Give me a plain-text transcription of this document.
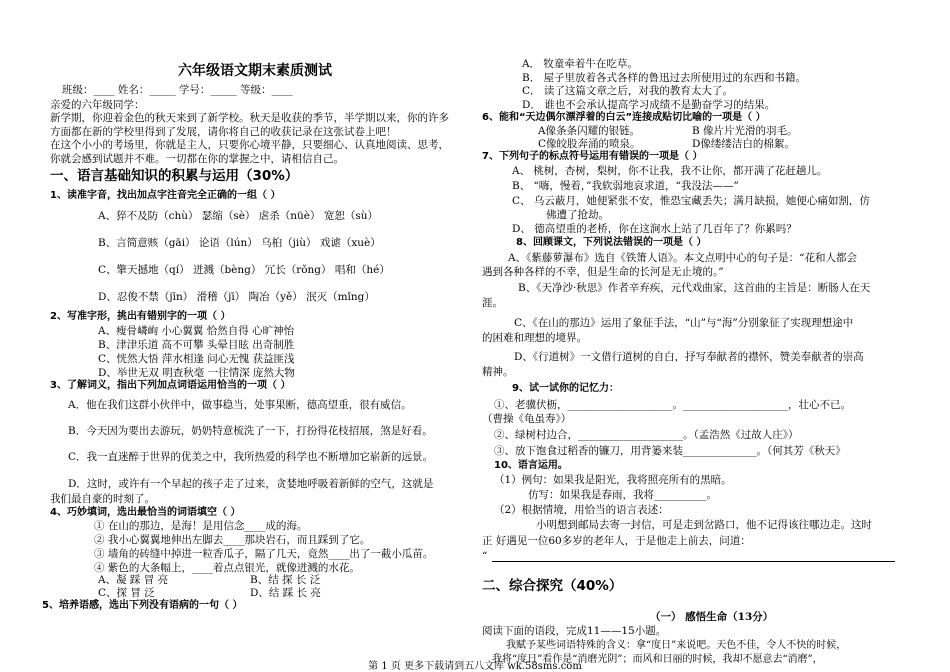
六年级语文期末素质测试
班级：____ 姓名：_____ 学号：_____ 等级：____
亲爱的六年级同学：
新学期，你迎着金色的秋天来到了新学校。秋天是收获的季节，半学期以来，你的许多方面都在新的学校里得到了发展，请你将自己的收获记录在这张试卷上吧！
在这个小小的考场里，你就是主人，只要你心境平静，只要细心、认真地阅读、思考，你就会感到试题并不难。一切都在你的掌握之中，请相信自己。
一、语言基础知识的积累与运用（30%）
1、读准字音，找出加点字注音完全正确的一组（ ）
A、猝不及防（chù） 瑟缩（sè） 虐杀（nüè） 宽恕（sù）
B、言简意赅（gāi） 论语（lún） 乌桕（jiù） 戏谑（xuè）
C、擎天撼地（qí） 迸溅（bèng） 冗长（rǒng） 唱和（hé）
D、忍俊不禁（jīn） 滑稽（jī） 陶冶（yě） 泯灭（mǐng）
2、写准字形，挑出有错别字的一项（ ）
A、瘦骨嶙峋 小心翼翼 恰然自得 心旷神怡
B、津津乐道 高不可攀 头晕目眩 出奇制胜
C、恍然大悟 萍水相逢 问心无愧 获益匪浅
D、举世无双 明查秋毫 一往情深 庞然大物
3、了解词义，指出下列加点词语运用恰当的一项（ ）
A．他在我们这群小伙伴中，做事稳当，处事果断，德高望重，很有威信。
B．今天因为要出去游玩，奶奶特意梳洗了一下，打扮得花枝招展，煞是好看。
C．我一直迷醉于世界的优美之中，我所热爱的科学也不断增加它崭新的远景。
D．这时，或许有一个早起的孩子走了过来，贪婪地呼吸着新鲜的空气，这就是
我们最自豪的时刻了。
4、巧妙填词，选出最恰当的词语填空（ ）
① 在山的那边，是海！是用信念____成的海。
② 我小心翼翼地伸出左脚去____那块岩石，而且踩到了它。
③ 墙角的砖缝中掉进一粒香瓜子，隔了几天，竟然____出了一截小瓜苗。
④ 紫色的大条幅上，____着点点银光，就像迸溅的水花。
A、凝 踩 冒 亮	B、结 探 长 泛
C、探 冒 泛	D、结 踩 长 亮
5、培养语感，选出下列没有语病的一句（ ）
A． 牧童牵着牛在吃草。
B． 屋子里放着各式各样的鲁迅过去所使用过的东西和书籍。
C． 读了这篇文章之后，对我的教育太大了。
D． 谁也不会承认提高学习成绩不是勤奋学习的结果。
6、能和“天边偶尔漂浮着的白云”连接成贴切比喻的一项是（ ）
A像条条闪耀的银链。	B 像片片光滑的羽毛。
C像皎股奔涌的喷泉。	D像缕缕洁白的棉絮。
7、下列句子的标点符号运用有错误的一项是（ ）
A、 桃树，杏树，梨树，你不让我，我不让你，都开满了花赶趟儿。
B、 “嗨，慢着，”我软弱地哀求道，“我没法——”
C、 乌云蔽月，她便紧张不安，惟恐宝藏丢失；满月缺损，她便心痛如割，仿
佛遭了抢劫。
D、 德高望重的老桥，你在这涧水上站了几百年了？你累吗？
8、回顾课文，下列说法错误的一项是（ ）
A、《紫藤萝瀑布》选自《铁箫人语》。本文点明中心的句子是：“花和人都会
遇到各种各样的不幸，但是生命的长河是无止境的。”
B、《天净沙·秋思》作者辛弃疾，元代戏曲家，这首曲的主旨是：断肠人在天
涯。
C、《在山的那边》运用了象征手法，“山”与“海”分别象征了实现理想途中
的困难和理想的境界。
D、《行道树》一文借行道树的自白，抒写奉献者的襟怀，赞美奉献者的崇高
精神。
9、试一试你的记忆力：
①、老骥伏枥，____________________。____________________，壮心不已。
（曹操《龟虽寿》）
②、绿树村边合，____________________。（孟浩然《过故人庄》）
③、放下饱食过稻香的镰刀，用背篓来装______________。（何其芳《秋天》
10、语言运用。
（1）例句：如果我是阳光，我将照亮所有的黑暗。
仿写：如果我是春雨，我将__________。
（2）根据情境，用恰当的语言表述：
小明想到邮局去寄一封信，可是走到岔路口，他不记得该往哪边走。这时
正 好遇见一位60多岁的老年人，于是他走上前去，问道：
“
二、综合探究（40%）
（一） 感悟生命（13分）
阅读下面的语段，完成11——15小题。
我赋予某些词语特殊的含义：拿“度日”来说吧。天色不佳，令人不快的时候，
我将“度日”看作是“消磨光阴”；而风和日丽的时候，我却不愿意去“消磨”，
第 1 页 更多下载请到五八文库 wk.58sms.com
